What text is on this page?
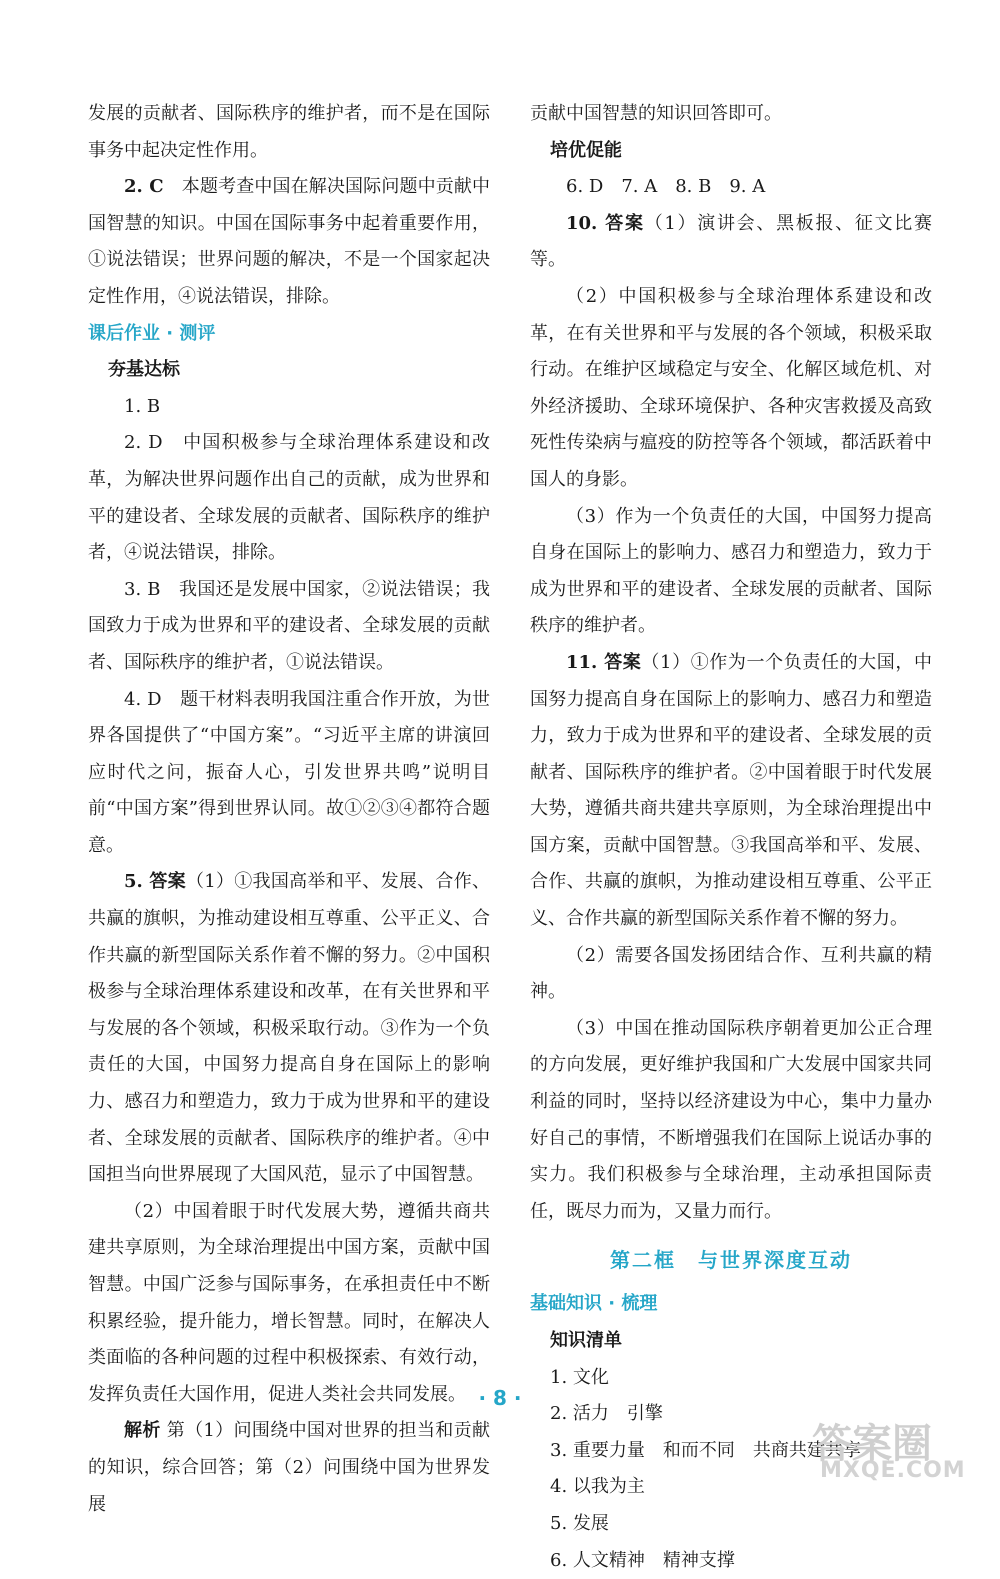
发展的贡献者、国际秩序的维护者，而不是在国际事务中起决定性作用。

2. C　本题考查中国在解决国际问题中贡献中国智慧的知识。中国在国际事务中起着重要作用，①说法错误；世界问题的解决，不是一个国家起决定性作用，④说法错误，排除。

课后作业 · 测评

夯基达标

1. B

2. D　中国积极参与全球治理体系建设和改革，为解决世界问题作出自己的贡献，成为世界和平的建设者、全球发展的贡献者、国际秩序的维护者，④说法错误，排除。

3. B　我国还是发展中国家，②说法错误；我国致力于成为世界和平的建设者、全球发展的贡献者、国际秩序的维护者，①说法错误。

4. D　题干材料表明我国注重合作开放，为世界各国提供了“中国方案”。“习近平主席的讲演回应时代之问，振奋人心，引发世界共鸣”说明目前“中国方案”得到世界认同。故①②③④都符合题意。

5. 答案（1）①我国高举和平、发展、合作、共赢的旗帜，为推动建设相互尊重、公平正义、合作共赢的新型国际关系作着不懈的努力。②中国积极参与全球治理体系建设和改革，在有关世界和平与发展的各个领域，积极采取行动。③作为一个负责任的大国，中国努力提高自身在国际上的影响力、感召力和塑造力，致力于成为世界和平的建设者、全球发展的贡献者、国际秩序的维护者。④中国担当向世界展现了大国风范，显示了中国智慧。

（2）中国着眼于时代发展大势，遵循共商共建共享原则，为全球治理提出中国方案，贡献中国智慧。中国广泛参与国际事务，在承担责任中不断积累经验，提升能力，增长智慧。同时，在解决人类面临的各种问题的过程中积极探索、有效行动，发挥负责任大国作用，促进人类社会共同发展。

解析 第（1）问围绕中国对世界的担当和贡献的知识，综合回答；第（2）问围绕中国为世界发展

贡献中国智慧的知识回答即可。

培优促能

6. D　7. A　8. B　9. A

10. 答案（1）演讲会、黑板报、征文比赛等。

（2）中国积极参与全球治理体系建设和改革，在有关世界和平与发展的各个领域，积极采取行动。在维护区域稳定与安全、化解区域危机、对外经济援助、全球环境保护、各种灾害救援及高致死性传染病与瘟疫的防控等各个领域，都活跃着中国人的身影。

（3）作为一个负责任的大国，中国努力提高自身在国际上的影响力、感召力和塑造力，致力于成为世界和平的建设者、全球发展的贡献者、国际秩序的维护者。

11. 答案（1）①作为一个负责任的大国，中国努力提高自身在国际上的影响力、感召力和塑造力，致力于成为世界和平的建设者、全球发展的贡献者、国际秩序的维护者。②中国着眼于时代发展大势，遵循共商共建共享原则，为全球治理提出中国方案，贡献中国智慧。③我国高举和平、发展、合作、共赢的旗帜，为推动建设相互尊重、公平正义、合作共赢的新型国际关系作着不懈的努力。

（2）需要各国发扬团结合作、互利共赢的精神。

（3）中国在推动国际秩序朝着更加公正合理的方向发展，更好维护我国和广大发展中国家共同利益的同时，坚持以经济建设为中心，集中力量办好自己的事情，不断增强我们在国际上说话办事的实力。我们积极参与全球治理，主动承担国际责任，既尽力而为，又量力而行。

第二框　与世界深度互动

基础知识 · 梳理

知识清单

1. 文化

2. 活力　引擎

3. 重要力量　和而不同　共商共建共享

4. 以我为主

5. 发展

6. 人文精神　精神支撑

· 8 ·
答案圈
MXQE.COM
